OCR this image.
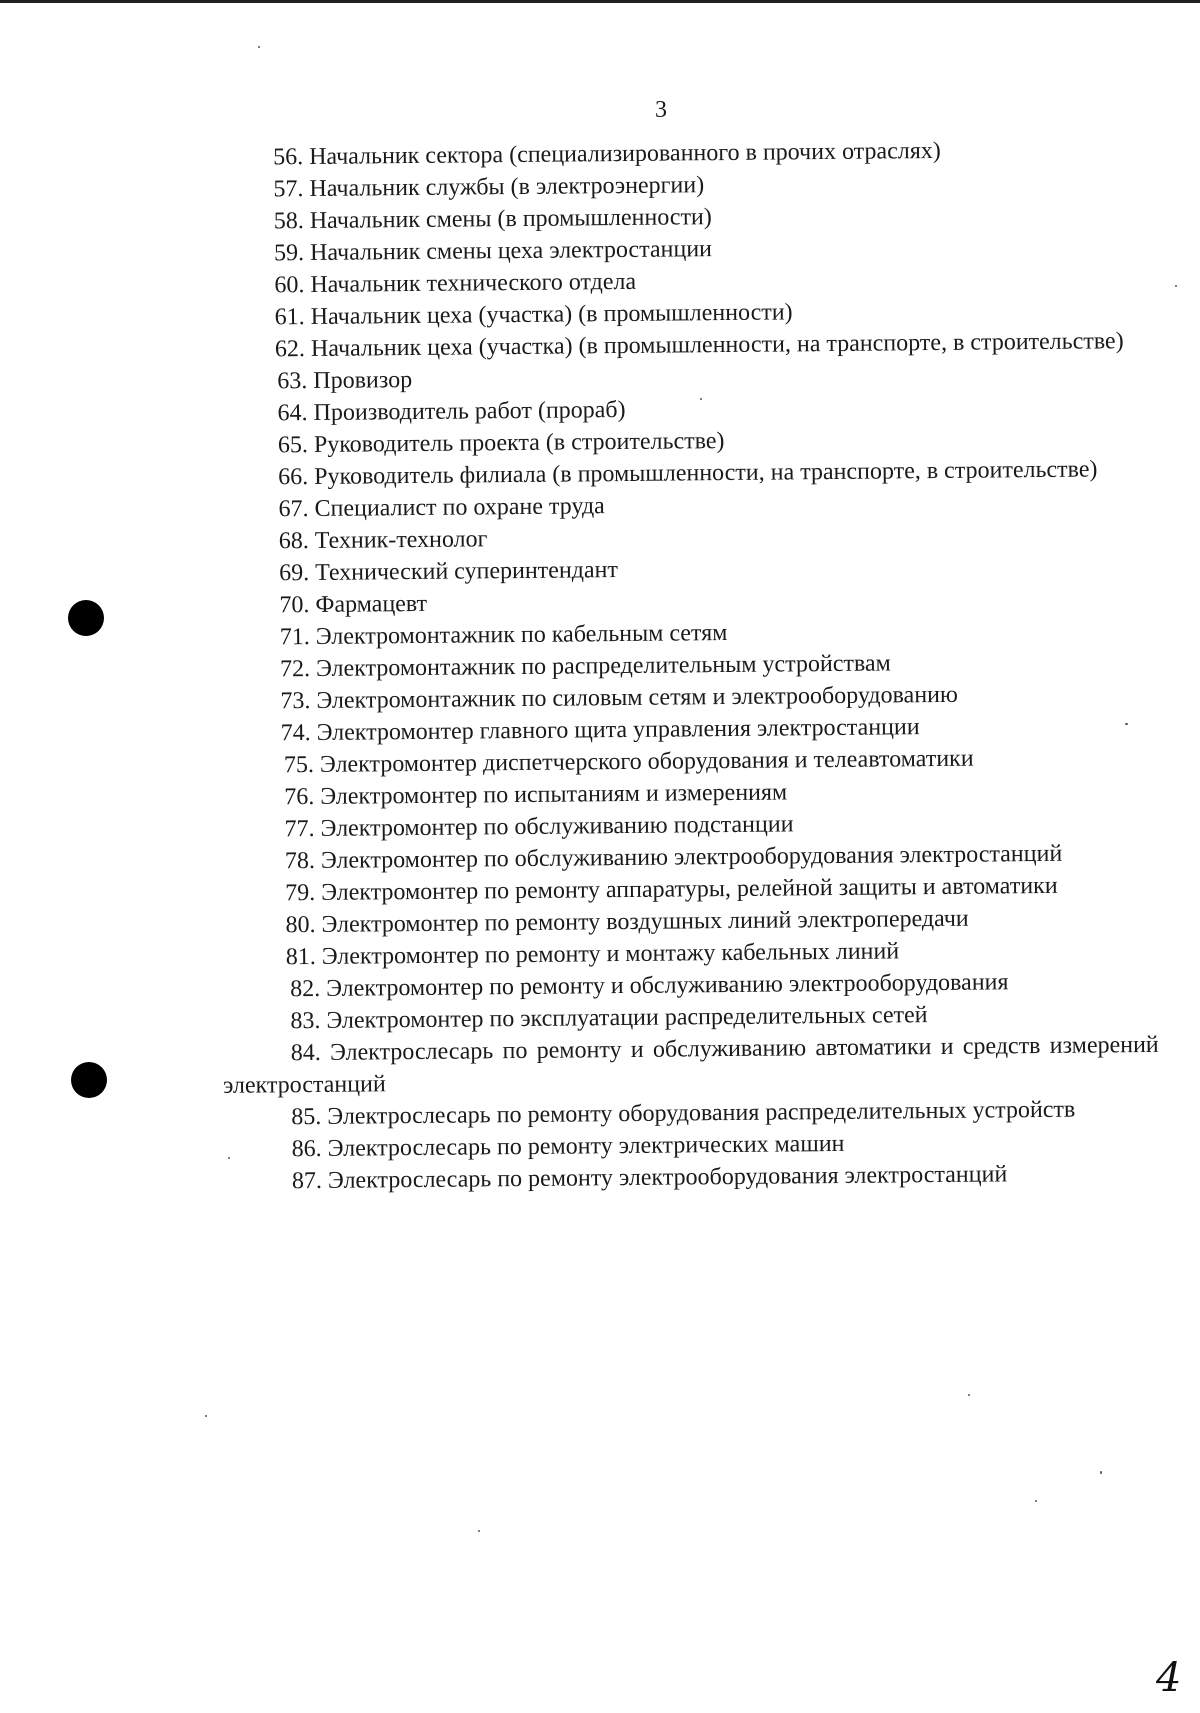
3
56. Начальник сектора (специализированного в прочих отраслях)
57. Начальник службы (в электроэнергии)
58. Начальник смены (в промышленности)
59. Начальник смены цеха электростанции
60. Начальник технического отдела
61. Начальник цеха (участка) (в промышленности)
62. Начальник цеха (участка) (в промышленности, на транспорте, в строительстве)
63. Провизор
64. Производитель работ (прораб)
65. Руководитель проекта (в строительстве)
66. Руководитель филиала (в промышленности, на транспорте, в строительстве)
67. Специалист по охране труда
68. Техник-технолог
69. Технический суперинтендант
70. Фармацевт
71. Электромонтажник по кабельным сетям
72. Электромонтажник по распределительным устройствам
73. Электромонтажник по силовым сетям и электрооборудованию
74. Электромонтер главного щита управления электростанции
75. Электромонтер диспетчерского оборудования и телеавтоматики
76. Электромонтер по испытаниям и измерениям
77. Электромонтер по обслуживанию подстанции
78. Электромонтер по обслуживанию электрооборудования электростанций
79. Электромонтер по ремонту аппаратуры, релейной защиты и автоматики
80. Электромонтер по ремонту воздушных линий электропередачи
81. Электромонтер по ремонту и монтажу кабельных линий
82. Электромонтер по ремонту и обслуживанию электрооборудования
83. Электромонтер по эксплуатации распределительных сетей
84. Электрослесарь по ремонту и обслуживанию автоматики и средств измерений электростанций
85. Электрослесарь по ремонту оборудования распределительных устройств
86. Электрослесарь по ремонту электрических машин
87. Электрослесарь по ремонту электрооборудования электростанций
4
